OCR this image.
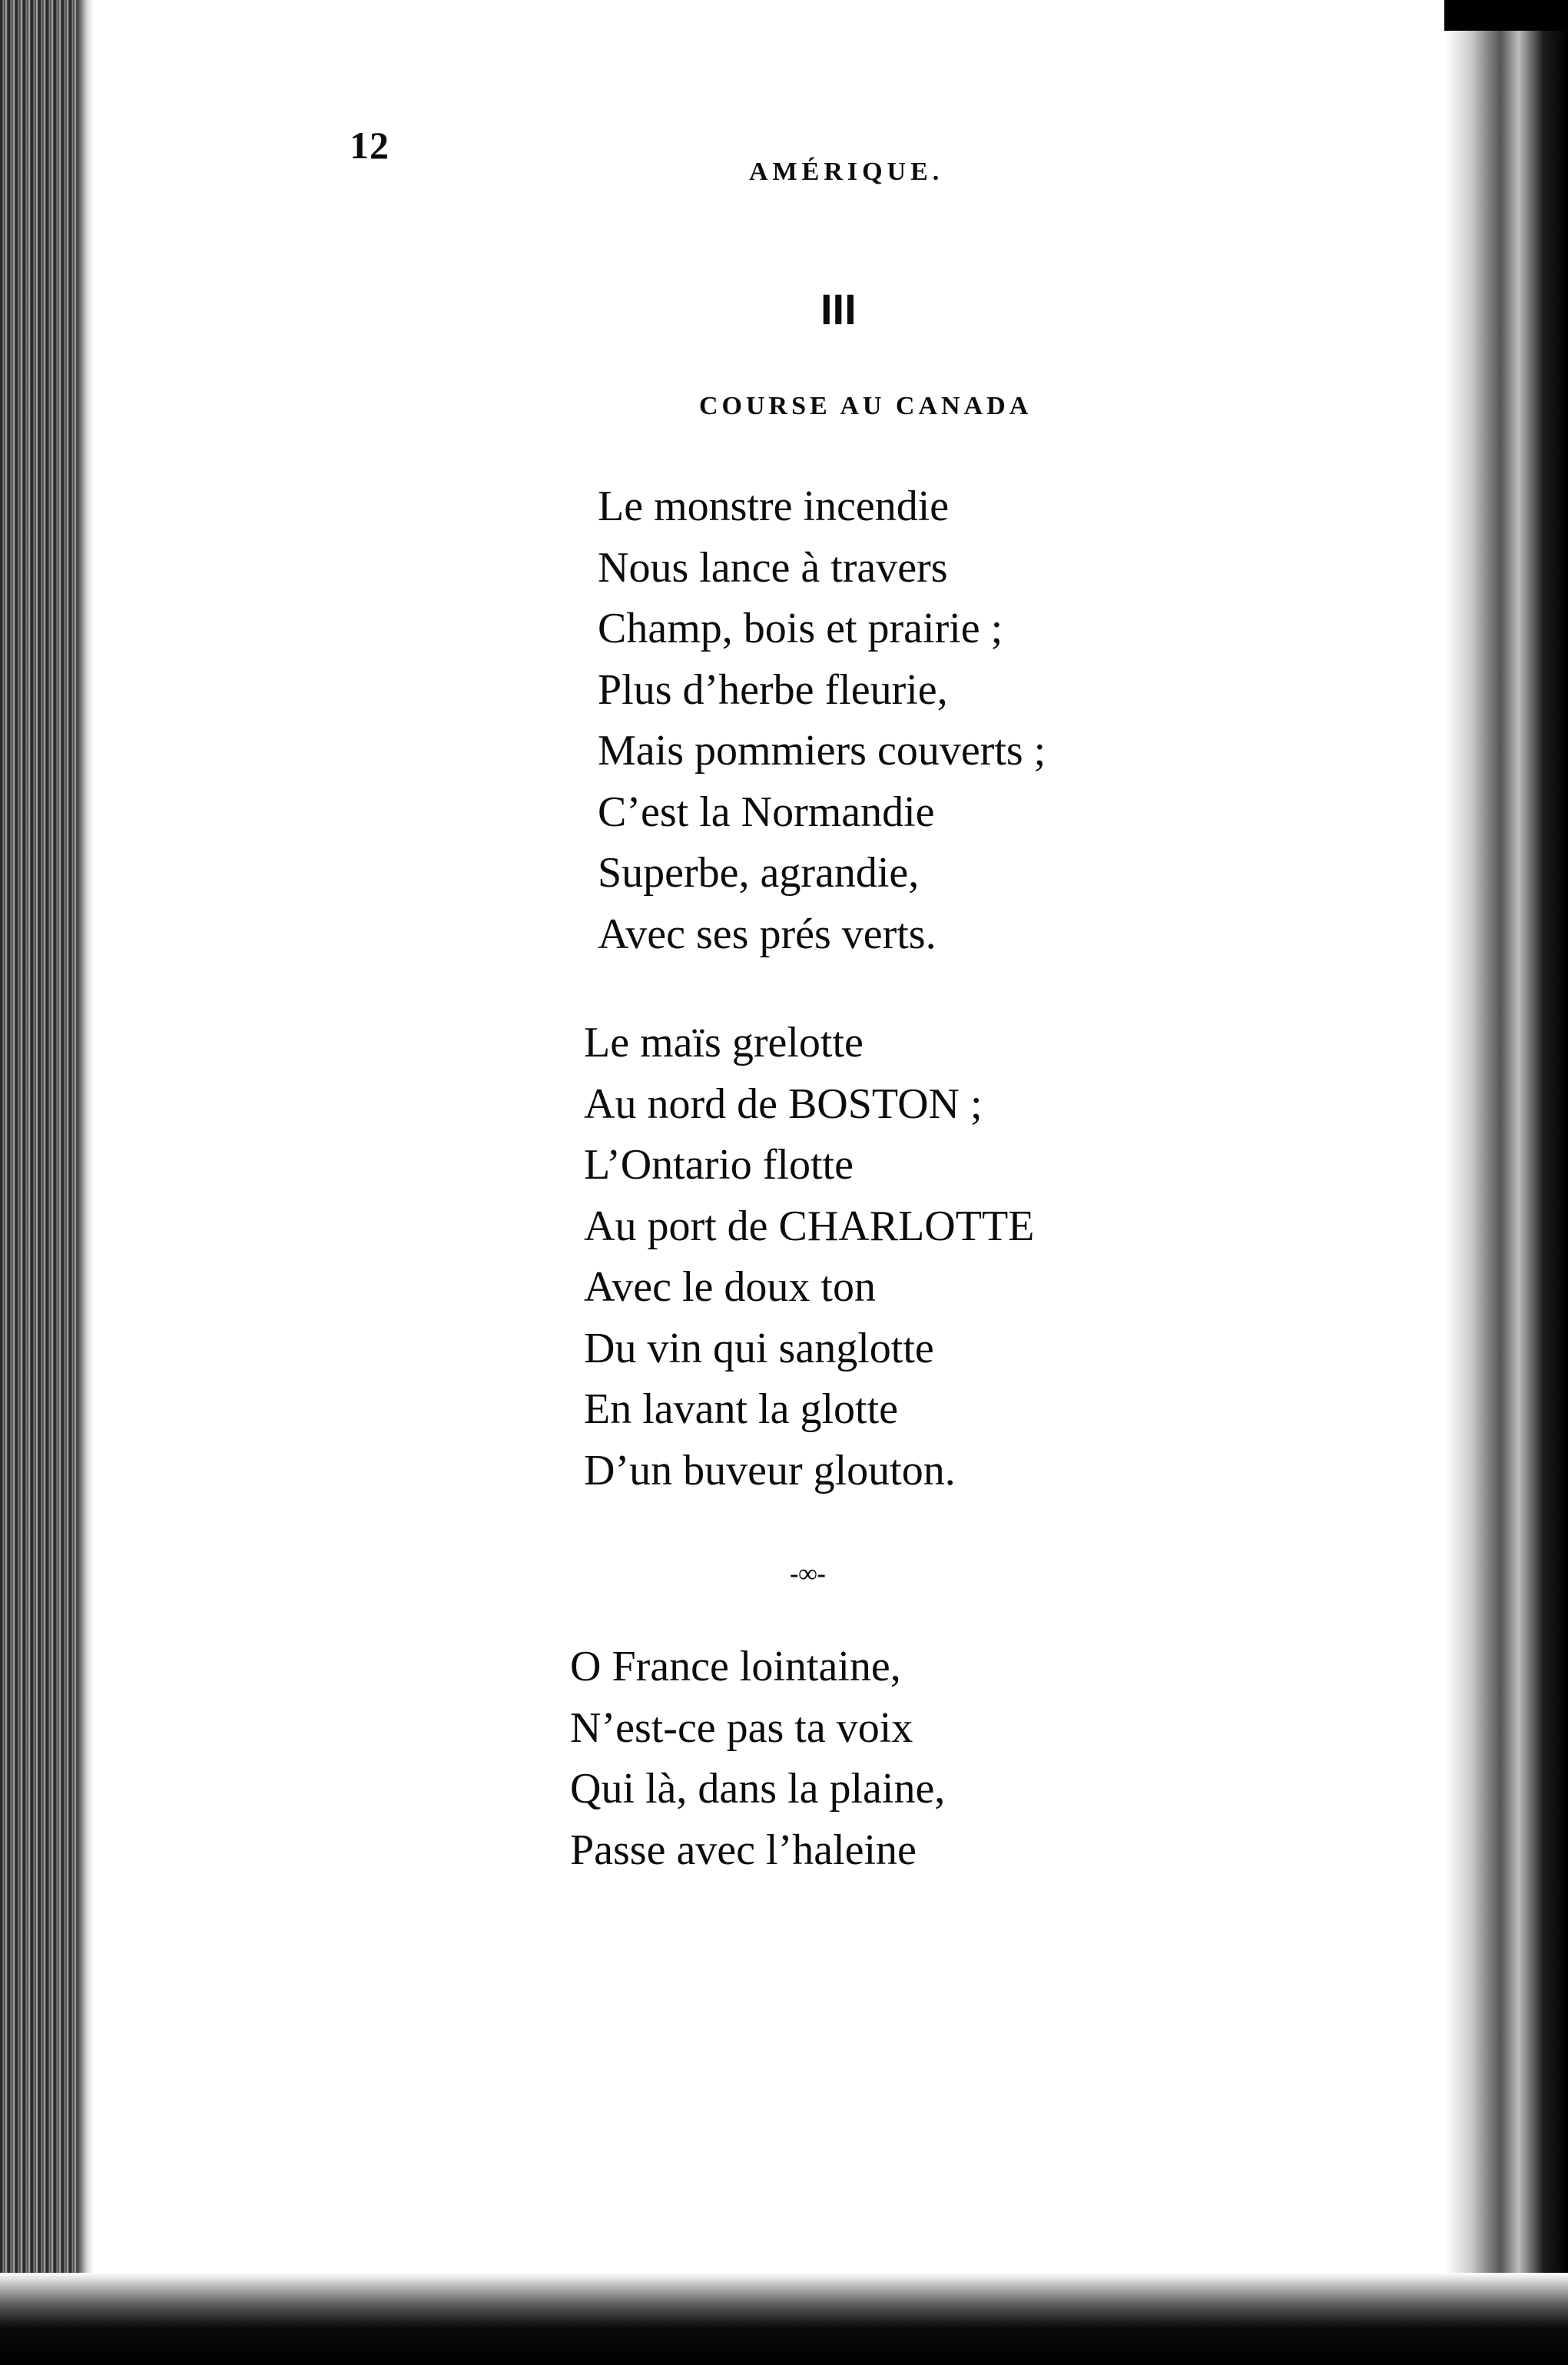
12
AMÉRIQUE.
III
COURSE AU CANADA
Le monstre incendie
Nous lance à travers
Champ, bois et prairie ;
Plus d’herbe fleurie,
Mais pommiers couverts ;
C’est la Normandie
Superbe, agrandie,
Avec ses prés verts.
Le maïs grelotte
Au nord de BOSTON ;
L’Ontario flotte
Au port de CHARLOTTE
Avec le doux ton
Du vin qui sanglotte
En lavant la glotte
D’un buveur glouton.
-∞-
O France lointaine,
N’est-ce pas ta voix
Qui là, dans la plaine,
Passe avec l’haleine
